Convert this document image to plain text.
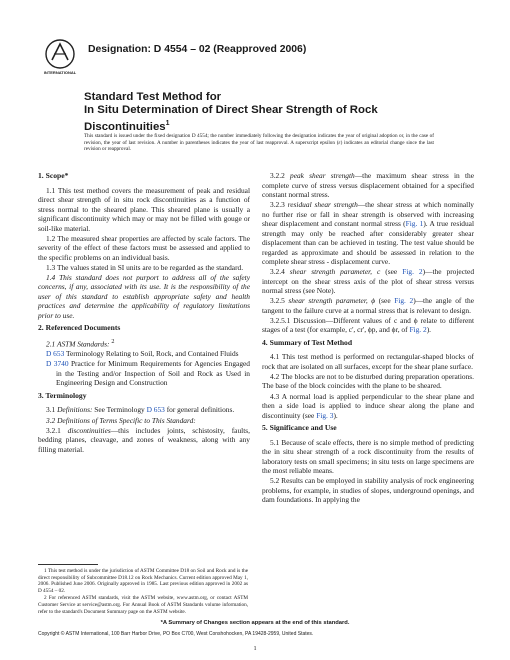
INTERNATIONAL
Designation: D 4554 – 02 (Reapproved 2006)
Standard Test Method for
In Situ Determination of Direct Shear Strength of Rock
Discontinuities$^1$
This standard is issued under the fixed designation D 4554; the number immediately following the designation indicates the year of original adoption or, in the case of revision, the year of last revision. A number in parentheses indicates the year of last reapproval. A superscript epsilon (ε) indicates an editorial change since the last revision or reapproval.

1. Scope*

1.1 This test method covers the measurement of peak and residual direct shear strength of in situ rock discontinuities as a function of stress normal to the sheared plane. This sheared plane is usually a significant discontinuity which may or may not be filled with gouge or soil-like material.

1.2 The measured shear properties are affected by scale factors. The severity of the effect of these factors must be assessed and applied to the specific problems on an individual basis.

1.3 The values stated in SI units are to be regarded as the standard.

1.4 This standard does not purport to address all of the safety concerns, if any, associated with its use. It is the responsibility of the user of this standard to establish appropriate safety and health practices and determine the applicability of regulatory limitations prior to use.

2. Referenced Documents

2.1 ASTM Standards: $^2$

D 653 Terminology Relating to Soil, Rock, and Contained Fluids

D 3740 Practice for Minimum Requirements for Agencies Engaged in the Testing and/or Inspection of Soil and Rock as Used in Engineering Design and Construction

3. Terminology

3.1 Definitions: See Terminology D 653 for general definitions.

3.2 Definitions of Terms Specific to This Standard:

3.2.1 discontinuities—this includes joints, schistosity, faults, bedding planes, cleavage, and zones of weakness, along with any filling material.

3.2.2 peak shear strength—the maximum shear stress in the complete curve of stress versus displacement obtained for a specified constant normal stress.

3.2.3 residual shear strength—the shear stress at which nominally no further rise or fall in shear strength is observed with increasing shear displacement and constant normal stress (Fig. 1). A true residual strength may only be reached after considerably greater shear displacement than can be achieved in testing. The test value should be regarded as approximate and should be assessed in relation to the complete shear stress - displacement curve.

3.2.4 shear strength parameter, c (see Fig. 2)—the projected intercept on the shear stress axis of the plot of shear stress versus normal stress (see Note).

3.2.5 shear strength parameter, ϕ (see Fig. 2)—the angle of the tangent to the failure curve at a normal stress that is relevant to design.

3.2.5.1 Discussion—Different values of c and ϕ relate to different stages of a test (for example, c', cr', ϕp, and ϕr, of Fig. 2).

4. Summary of Test Method

4.1 This test method is performed on rectangular-shaped blocks of rock that are isolated on all surfaces, except for the shear plane surface.

4.2 The blocks are not to be disturbed during preparation operations. The base of the block coincides with the plane to be sheared.

4.3 A normal load is applied perpendicular to the shear plane and then a side load is applied to induce shear along the plane and discontinuity (see Fig. 3).

5. Significance and Use

5.1 Because of scale effects, there is no simple method of predicting the in situ shear strength of a rock discontinuity from the results of laboratory tests on small specimens; in situ tests on large specimens are the most reliable means.

5.2 Results can be employed in stability analysis of rock engineering problems, for example, in studies of slopes, underground openings, and dam foundations. In applying the

1 This test method is under the jurisdiction of ASTM Committee D18 on Soil and Rock and is the direct responsibility of Subcommittee D18.12 on Rock Mechanics. Current edition approved May 1, 2006. Published June 2006. Originally approved in 1985. Last previous edition approved in 2002 as D 4554 – 02.

2 For referenced ASTM standards, visit the ASTM website, www.astm.org, or contact ASTM Customer Service at service@astm.org. For Annual Book of ASTM Standards volume information, refer to the standard's Document Summary page on the ASTM website.

*A Summary of Changes section appears at the end of this standard.
Copyright © ASTM International, 100 Barr Harbor Drive, PO Box C700, West Conshohocken, PA 19428-2959, United States.
1
